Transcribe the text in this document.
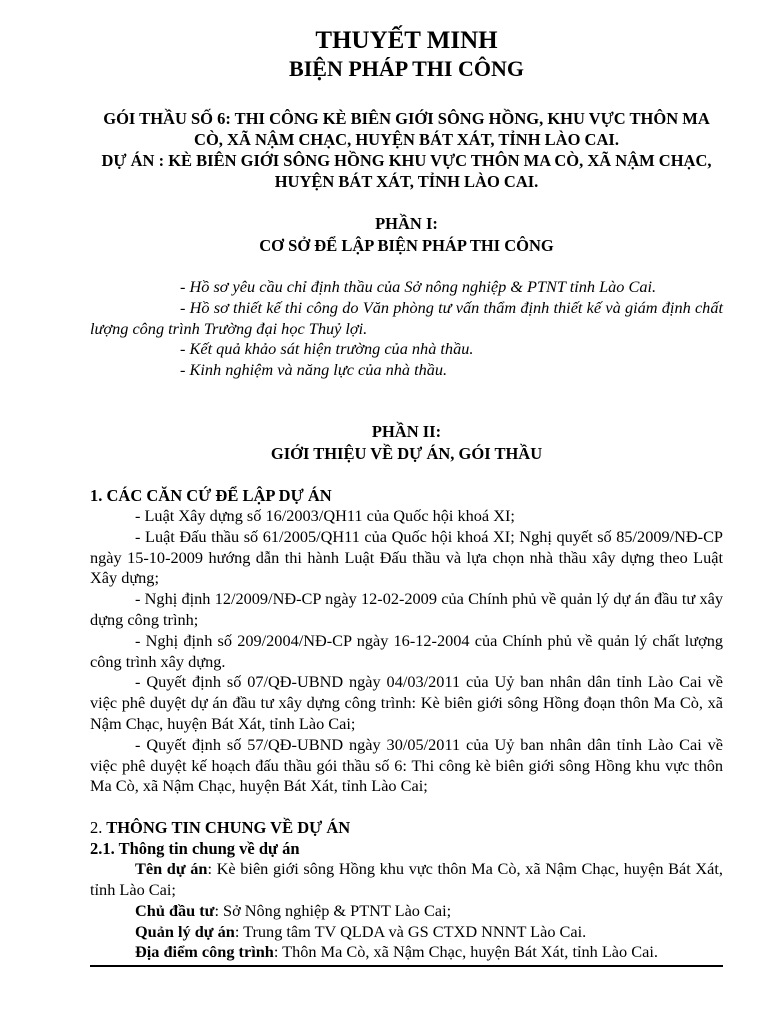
THUYẾT MINH
BIỆN PHÁP THI CÔNG
GÓI THẦU SỐ 6: THI CÔNG KÈ BIÊN GIỚI SÔNG HỒNG, KHU VỰC THÔN MA CÒ, XÃ NẬM CHẠC, HUYỆN BÁT XÁT, TỈNH LÀO CAI.
DỰ ÁN : KÈ BIÊN GIỚI SÔNG HỒNG KHU VỰC THÔN MA CÒ, XÃ NẬM CHẠC, HUYỆN BÁT XÁT, TỈNH LÀO CAI.
PHẦN I:
CƠ SỞ ĐỂ LẬP BIỆN PHÁP THI CÔNG
- Hồ sơ yêu cầu chỉ định thầu của Sở nông nghiệp & PTNT tỉnh Lào Cai.
- Hồ sơ thiết kế thi công do Văn phòng tư vấn thẩm định thiết kế và giám định chất lượng công trình Trường đại học Thuỷ lợi.
- Kết quả khảo sát hiện trường của nhà thầu.
- Kinh nghiệm và năng lực của nhà thầu.
PHẦN II:
GIỚI THIỆU VỀ DỰ ÁN, GÓI THẦU
1. CÁC CĂN CỨ ĐỂ LẬP DỰ ÁN
- Luật Xây dựng số 16/2003/QH11 của Quốc hội khoá XI;
- Luật Đấu thầu số 61/2005/QH11 của Quốc hội khoá XI; Nghị quyết số 85/2009/NĐ-CP ngày 15-10-2009 hướng dẫn thi hành Luật Đấu thầu và lựa chọn nhà thầu xây dựng theo Luật Xây dựng;
- Nghị định 12/2009/NĐ-CP ngày 12-02-2009 của Chính phủ về quản lý dự án đầu tư xây dựng công trình;
- Nghị định số 209/2004/NĐ-CP ngày 16-12-2004 của Chính phủ về quản lý chất lượng công trình xây dựng.
- Quyết định số 07/QĐ-UBND ngày 04/03/2011 của Uỷ ban nhân dân tỉnh Lào Cai về việc phê duyệt dự án đầu tư xây dựng công trình: Kè biên giới sông Hồng đoạn thôn Ma Cò, xã Nậm Chạc, huyện Bát Xát, tỉnh Lào Cai;
- Quyết định số 57/QĐ-UBND ngày 30/05/2011 của Uỷ ban nhân dân tỉnh Lào Cai về việc phê duyệt kế hoạch đấu thầu gói thầu số 6: Thi công kè biên giới sông Hồng khu vực thôn Ma Cò, xã Nậm Chạc, huyện Bát Xát, tỉnh Lào Cai;
2. THÔNG TIN CHUNG VỀ DỰ ÁN
2.1. Thông tin chung về dự án
Tên dự án: Kè biên giới sông Hồng khu vực thôn Ma Cò, xã Nậm Chạc, huyện Bát Xát, tỉnh Lào Cai;
Chủ đầu tư: Sở Nông nghiệp & PTNT Lào Cai;
Quản lý dự án: Trung tâm TV QLDA và GS CTXD NNNT Lào Cai.
Địa điểm công trình: Thôn Ma Cò, xã Nậm Chạc, huyện Bát Xát, tỉnh Lào Cai.
